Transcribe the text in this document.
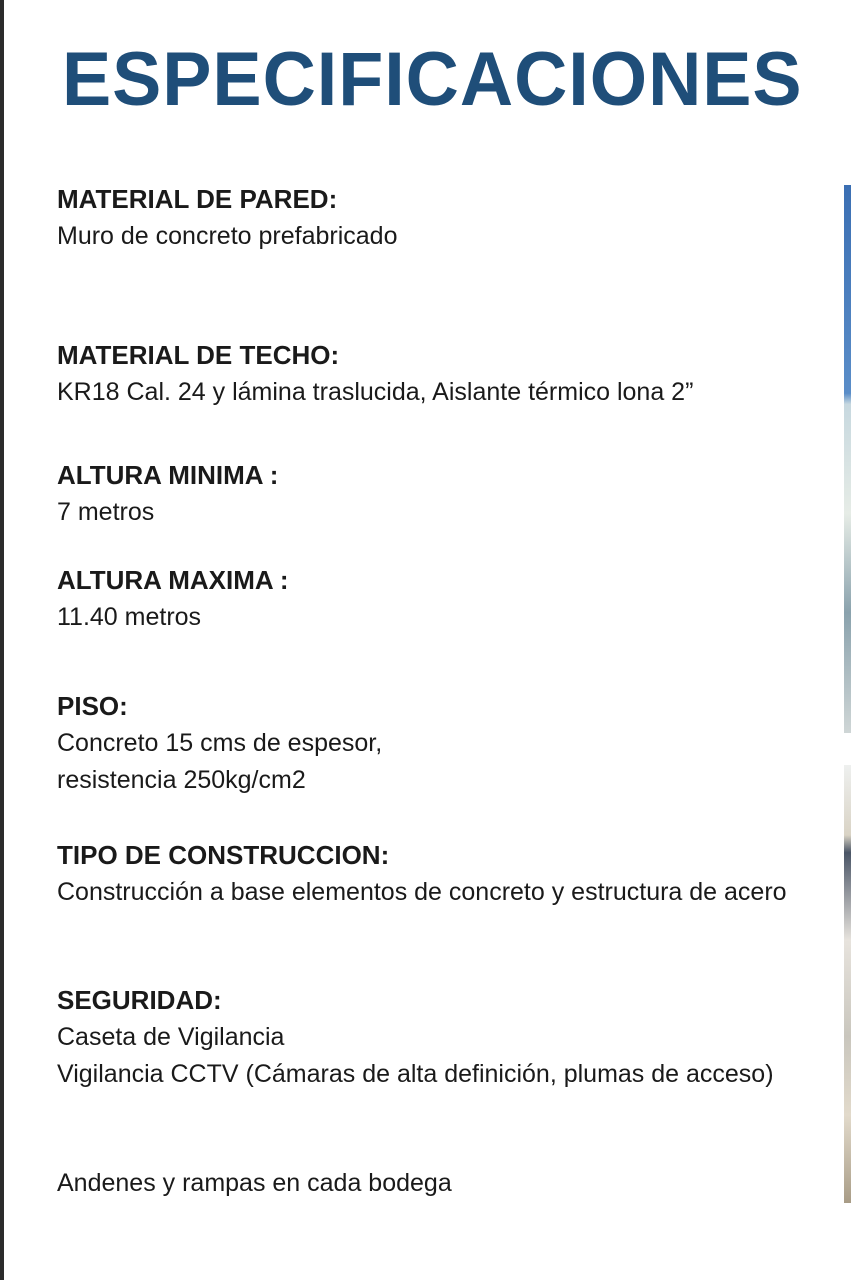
ESPECIFICACIONES
MATERIAL DE PARED:
Muro de concreto prefabricado
MATERIAL DE TECHO:
KR18 Cal. 24 y lámina traslucida, Aislante térmico lona 2”
ALTURA MINIMA :
7 metros
ALTURA MAXIMA :
11.40 metros
PISO:
Concreto 15 cms de espesor,
resistencia 250kg/cm2
TIPO DE CONSTRUCCION:
Construcción a base elementos de concreto y estructura de acero
SEGURIDAD:
Caseta de Vigilancia
Vigilancia CCTV (Cámaras de alta definición, plumas de acceso)
Andenes y rampas en cada bodega
